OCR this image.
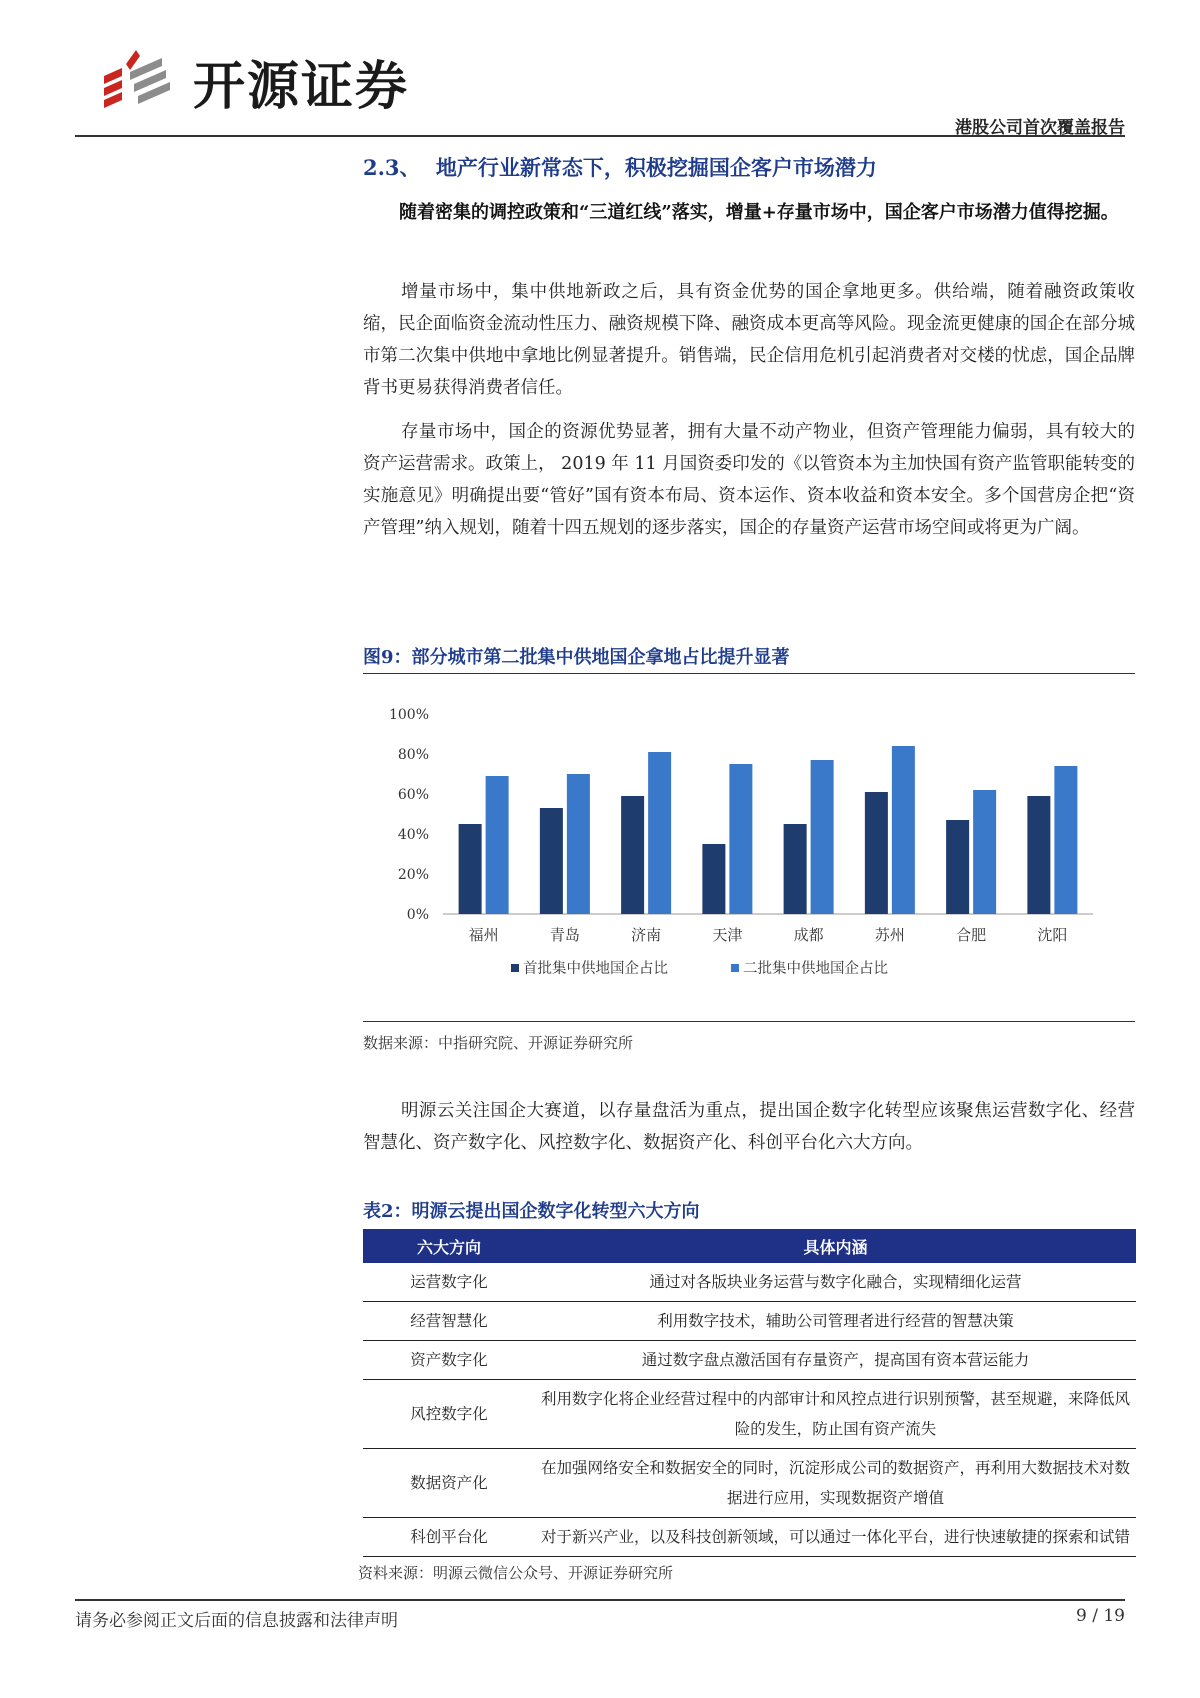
开源证券
港股公司首次覆盖报告
2.3、 地产行业新常态下，积极挖掘国企客户市场潜力
随着密集的调控政策和“三道红线”落实，增量+存量市场中，国企客户市场潜力值得挖掘。
增量市场中，集中供地新政之后，具有资金优势的国企拿地更多。供给端，随着融资政策收缩，民企面临资金流动性压力、融资规模下降、融资成本更高等风险。现金流更健康的国企在部分城市第二次集中供地中拿地比例显著提升。销售端，民企信用危机引起消费者对交楼的忧虑，国企品牌背书更易获得消费者信任。
存量市场中，国企的资源优势显著，拥有大量不动产物业，但资产管理能力偏弱，具有较大的资产运营需求。政策上， 2019 年 11 月国资委印发的《以管资本为主加快国有资产监管职能转变的实施意见》明确提出要“管好”国有资本布局、资本运作、资本收益和资本安全。多个国营房企把“资产管理”纳入规划，随着十四五规划的逐步落实，国企的存量资产运营市场空间或将更为广阔。
图9：部分城市第二批集中供地国企拿地占比提升显著
0%
20%
40%
60%
80%
100%
福州	青岛	济南	天津	成都	苏州	合肥	沈阳
首批集中供地国企占比	二批集中供地国企占比
数据来源：中指研究院、开源证券研究所
明源云关注国企大赛道，以存量盘活为重点，提出国企数字化转型应该聚焦运营数字化、经营智慧化、资产数字化、风控数字化、数据资产化、科创平台化六大方向。
表2：明源云提出国企数字化转型六大方向
六大方向	具体内涵
运营数字化	通过对各版块业务运营与数字化融合，实现精细化运营
经营智慧化	利用数字技术，辅助公司管理者进行经营的智慧决策
资产数字化	通过数字盘点激活国有存量资产，提高国有资本营运能力
风控数字化	利用数字化将企业经营过程中的内部审计和风控点进行识别预警，甚至规避，来降低风险的发生，防止国有资产流失
数据资产化	在加强网络安全和数据安全的同时，沉淀形成公司的数据资产，再利用大数据技术对数据进行应用，实现数据资产增值
科创平台化	对于新兴产业，以及科技创新领域，可以通过一体化平台，进行快速敏捷的探索和试错
资料来源：明源云微信公众号、开源证券研究所
请务必参阅正文后面的信息披露和法律声明	9 / 19
